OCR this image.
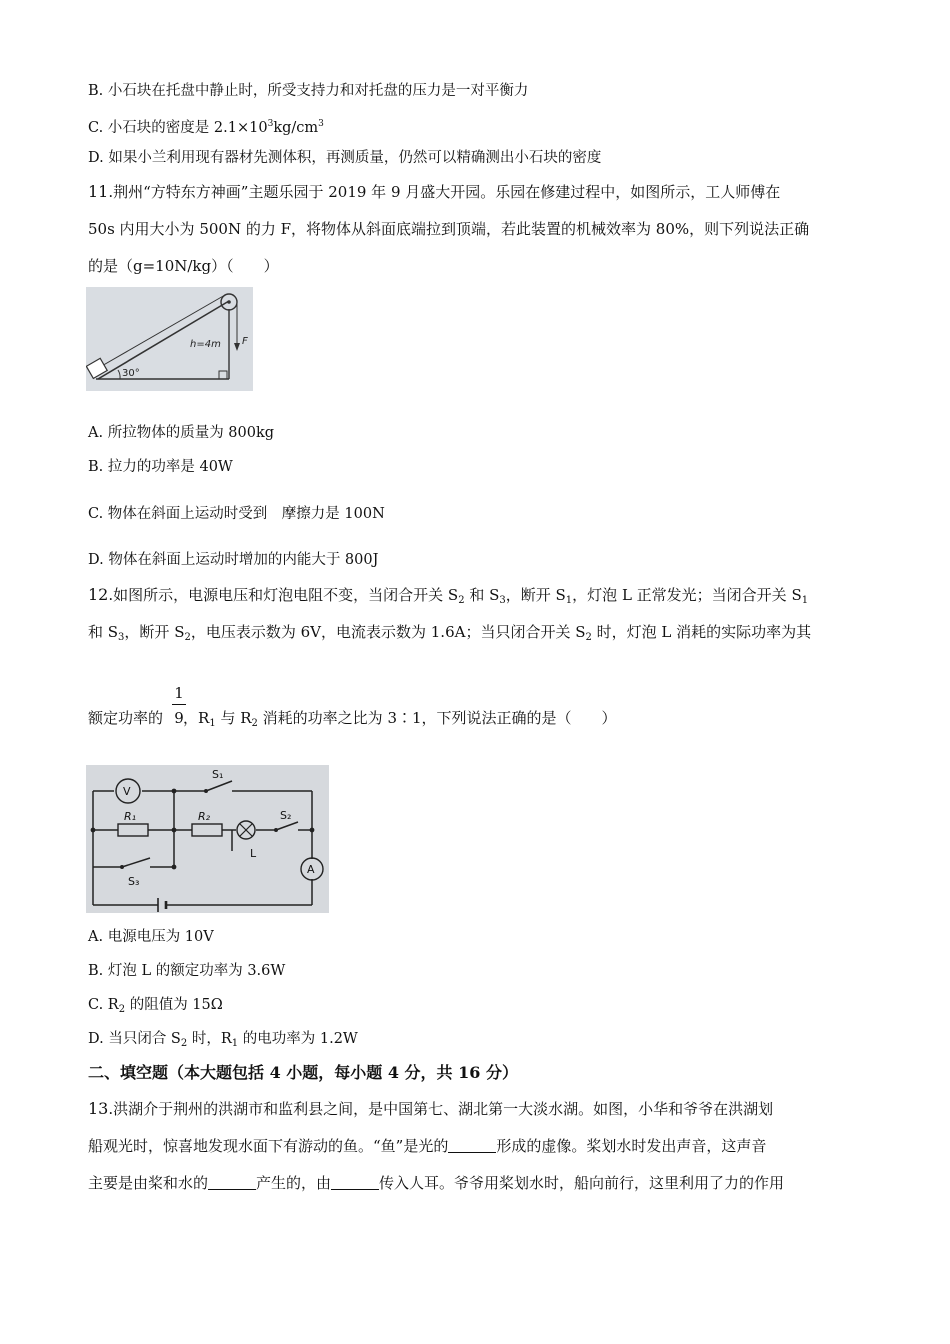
B. 小石块在托盘中静止时，所受支持力和对托盘的压力是一对平衡力
C. 小石块的密度是 $2.1\times 10^3kg/cm^3$
D. 如果小兰利用现有器材先测体积，再测质量，仍然可以精确测出小石块的密度
11.荆州“方特东方神画”主题乐园于 2019 年 9 月盛大开园。乐园在修建过程中，如图所示，工人师傅在
50s 内用大小为 500N 的力 F，将物体从斜面底端拉到顶端，若此装置的机械效率为 80%，则下列说法正确
的是（g=10N/kg）（　　）
30°
h=4m F
A. 所拉物体的质量为 800kg
B. 拉力的功率是 40W
C. 物体在斜面上运动时受到　摩擦力是 100N
D. 物体在斜面上运动时增加的内能大于 800J
12.如图所示，电源电压和灯泡电阻不变，当闭合开关 $S_2$ 和 $S_3$，断开 $S_1$，灯泡 L 正常发光；当闭合开关 $S_1$
和 $S_3$，断开 $S_2$，电压表示数为 6V，电流表示数为 1.6A；当只闭合开关 $S_2$ 时，灯泡 L 消耗的实际功率为其
1
9
额定功率的 ，$R_1$ 与 $R_2$ 消耗的功率之比为 3∶1，下列说法正确的是（　　）
V
A
R₁	R₂
S₁
S₂
S₃
L
A. 电源电压为 10V
B. 灯泡 L 的额定功率为 3.6W
C. $R_2$ 的阻值为 15Ω
D. 当只闭合 $S_2$ 时，$R_1$ 的电功率为 1.2W
二、填空题（本大题包括 4 小题，每小题 4 分，共 16 分）
13.洪湖介于荆州的洪湖市和监利县之间，是中国第七、湖北第一大淡水湖。如图，小华和爷爷在洪湖划
船观光时，惊喜地发现水面下有游动的鱼。“鱼”是光的	形成的虚像。桨划水时发出声音，这声音
主要是由桨和水的	产生的，由	传入人耳。爷爷用桨划水时，船向前行，这里利用了力的作用
